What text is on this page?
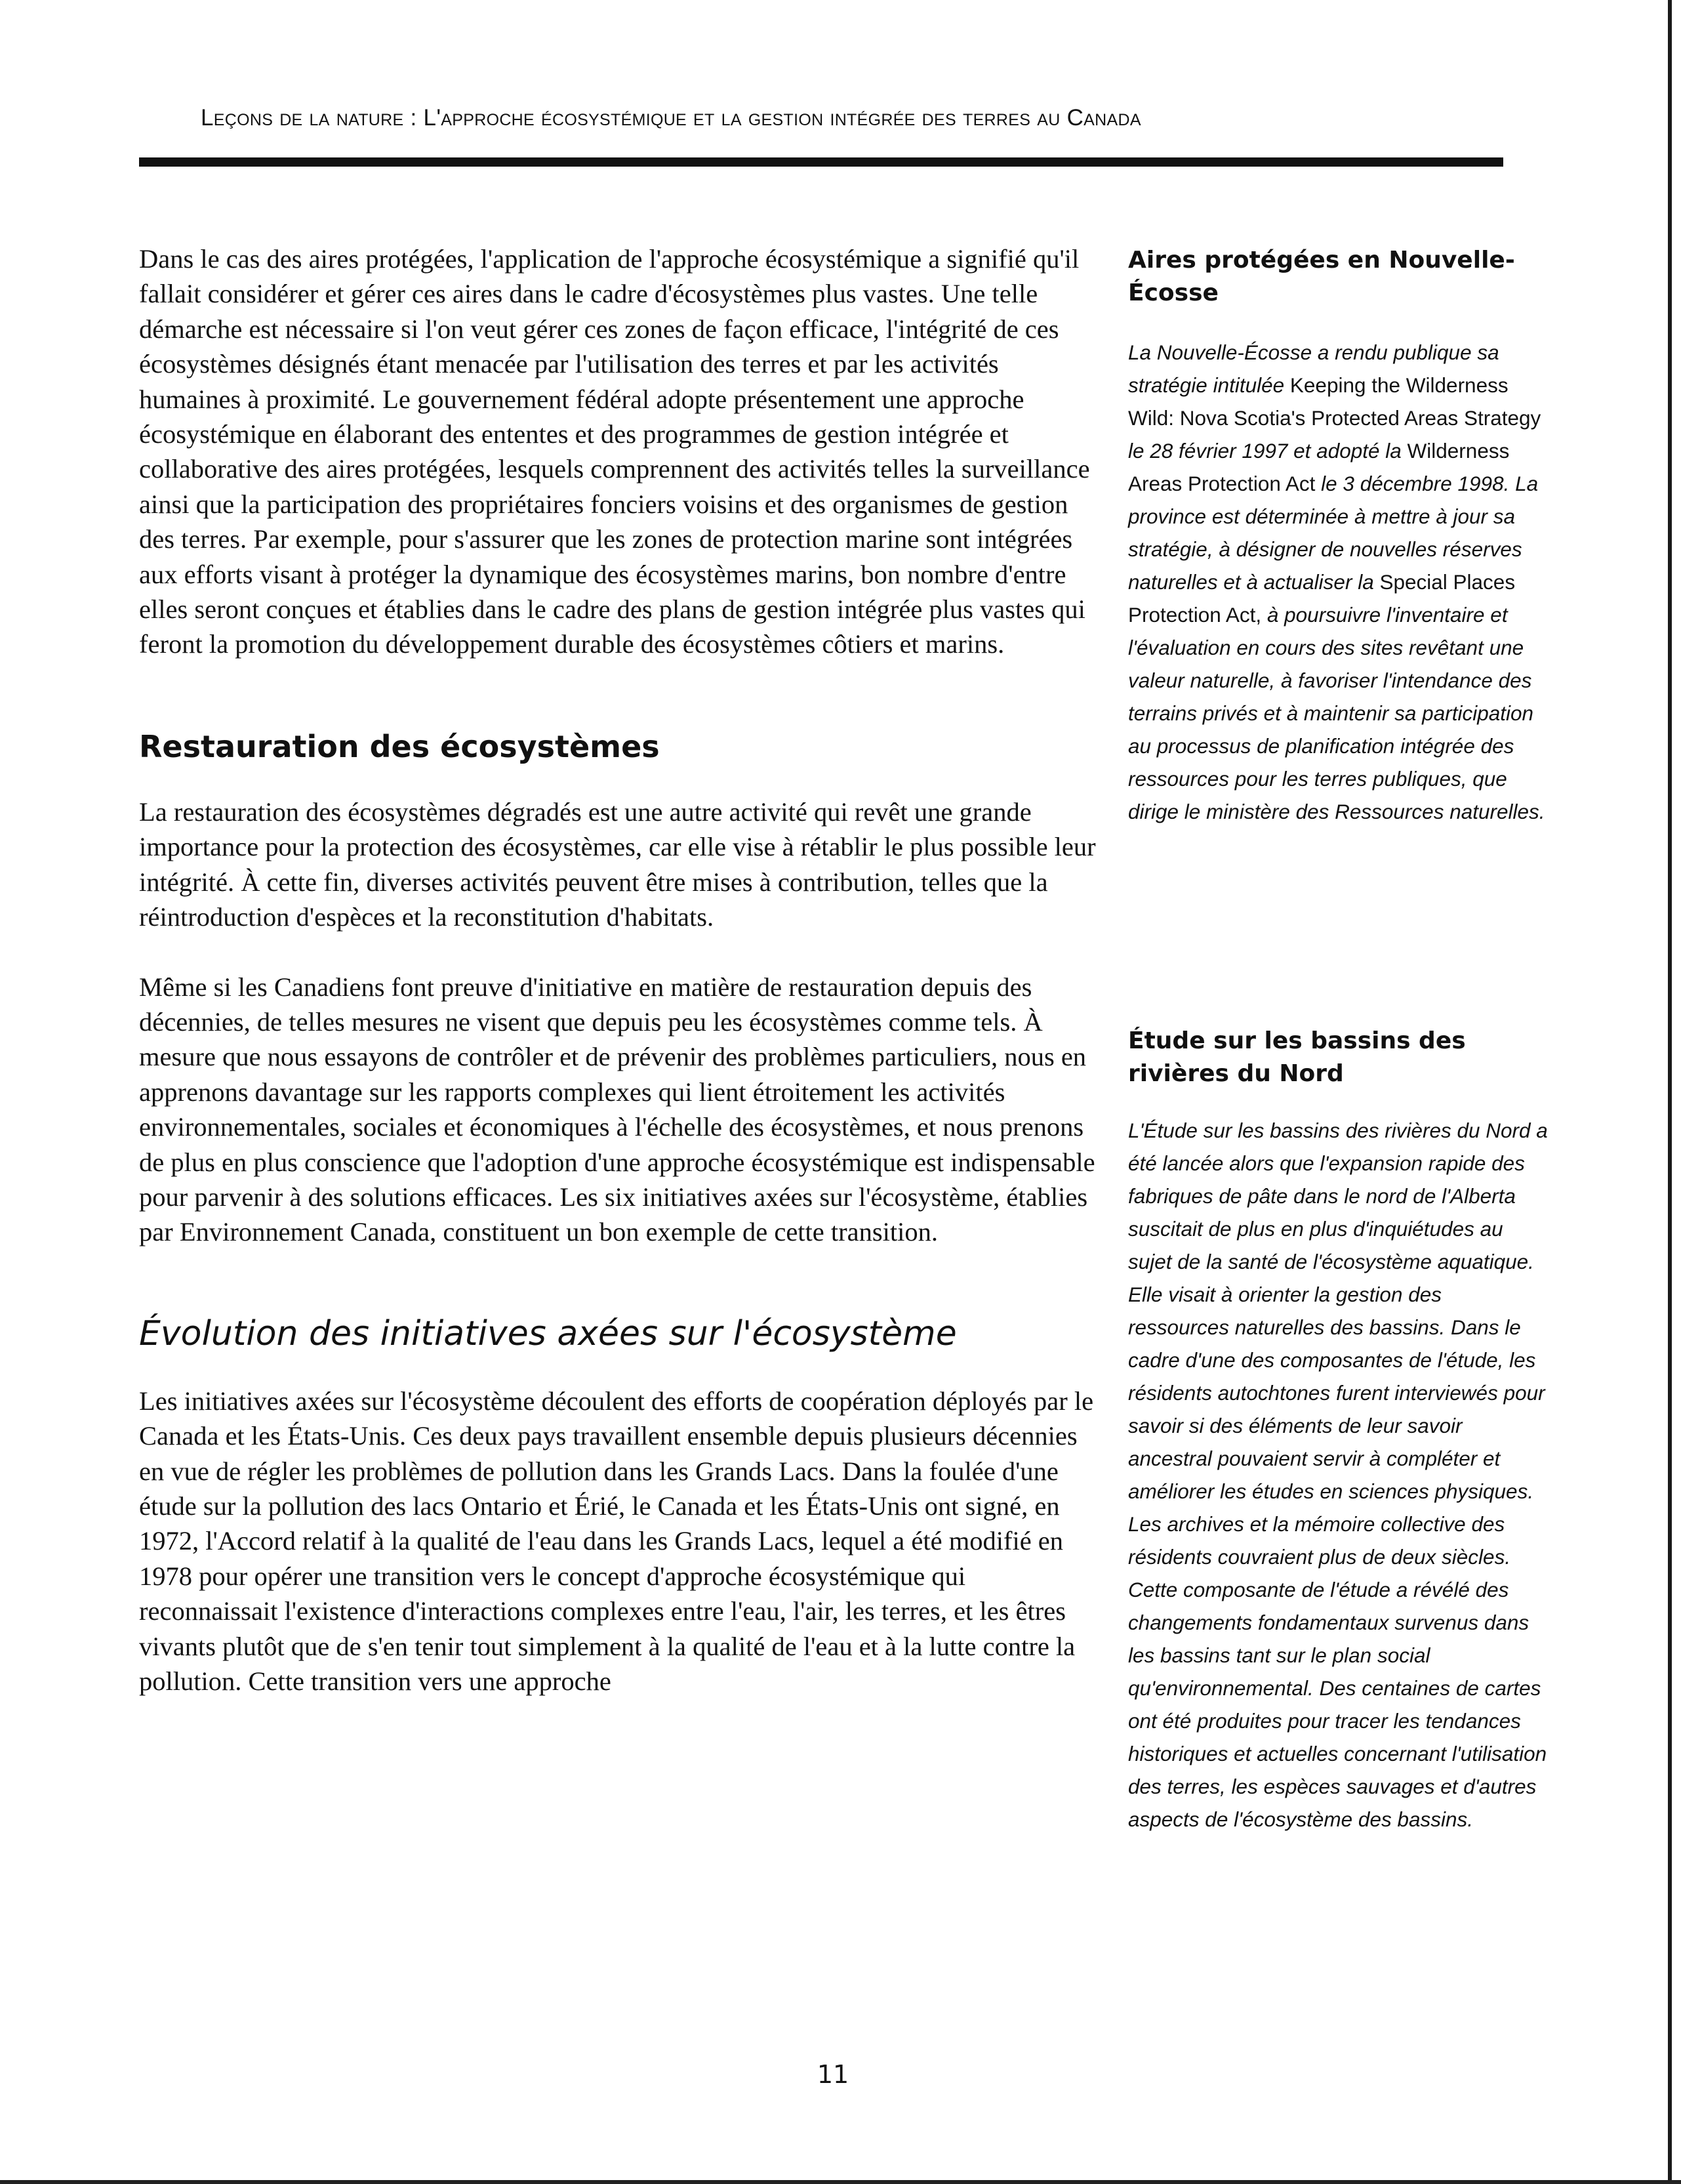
Leçons de la nature : L'approche écosystémique et la gestion intégrée des terres au Canada

Dans le cas des aires protégées, l'application de l'approche écosystémique a signifié qu'il fallait considérer et gérer ces aires dans le cadre d'écosystèmes plus vastes. Une telle démarche est nécessaire si l'on veut gérer ces zones de façon efficace, l'intégrité de ces écosystèmes désignés étant menacée par l'utilisation des terres et par les activités humaines à proximité. Le gouvernement fédéral adopte présentement une approche écosystémique en élaborant des ententes et des programmes de gestion intégrée et collaborative des aires protégées, lesquels comprennent des activités telles la surveillance ainsi que la participation des propriétaires fonciers voisins et des organismes de gestion des terres. Par exemple, pour s'assurer que les zones de protection marine sont intégrées aux efforts visant à protéger la dynamique des écosystèmes marins, bon nombre d'entre elles seront conçues et établies dans le cadre des plans de gestion intégrée plus vastes qui feront la promotion du développement durable des écosystèmes côtiers et marins.

Restauration des écosystèmes

La restauration des écosystèmes dégradés est une autre activité qui revêt une grande importance pour la protection des écosystèmes, car elle vise à rétablir le plus possible leur intégrité. À cette fin, diverses activités peuvent être mises à contribution, telles que la réintroduction d'espèces et la reconstitution d'habitats.

Même si les Canadiens font preuve d'initiative en matière de restauration depuis des décennies, de telles mesures ne visent que depuis peu les écosystèmes comme tels. À mesure que nous essayons de contrôler et de prévenir des problèmes particuliers, nous en apprenons davantage sur les rapports complexes qui lient étroitement les activités environnementales, sociales et économiques à l'échelle des écosystèmes, et nous prenons de plus en plus conscience que l'adoption d'une approche écosystémique est indispensable pour parvenir à des solutions efficaces. Les six initiatives axées sur l'écosystème, établies par Environnement Canada, constituent un bon exemple de cette transition.

Évolution des initiatives axées sur l'écosystème

Les initiatives axées sur l'écosystème découlent des efforts de coopération déployés par le Canada et les États-Unis. Ces deux pays travaillent ensemble depuis plusieurs décennies en vue de régler les problèmes de pollution dans les Grands Lacs. Dans la foulée d'une étude sur la pollution des lacs Ontario et Érié, le Canada et les États-Unis ont signé, en 1972, l'Accord relatif à la qualité de l'eau dans les Grands Lacs, lequel a été modifié en 1978 pour opérer une transition vers le concept d'approche écosystémique qui reconnaissait l'existence d'interactions complexes entre l'eau, l'air, les terres, et les êtres vivants plutôt que de s'en tenir tout simplement à la qualité de l'eau et à la lutte contre la pollution. Cette transition vers une approche

Aires protégées en Nouvelle-Écosse

La Nouvelle-Écosse a rendu publique sa stratégie intitulée Keeping the Wilderness Wild: Nova Scotia's Protected Areas Strategy le 28 février 1997 et adopté la Wilderness Areas Protection Act le 3 décembre 1998. La province est déterminée à mettre à jour sa stratégie, à désigner de nouvelles réserves naturelles et à actualiser la Special Places Protection Act, à poursuivre l'inventaire et l'évaluation en cours des sites revêtant une valeur naturelle, à favoriser l'intendance des terrains privés et à maintenir sa participation au processus de planification intégrée des ressources pour les terres publiques, que dirige le ministère des Ressources naturelles.

Étude sur les bassins des rivières du Nord

L'Étude sur les bassins des rivières du Nord a été lancée alors que l'expansion rapide des fabriques de pâte dans le nord de l'Alberta suscitait de plus en plus d'inquiétudes au sujet de la santé de l'écosystème aquatique. Elle visait à orienter la gestion des ressources naturelles des bassins. Dans le cadre d'une des composantes de l'étude, les résidents autochtones furent interviewés pour savoir si des éléments de leur savoir ancestral pouvaient servir à compléter et améliorer les études en sciences physiques. Les archives et la mémoire collective des résidents couvraient plus de deux siècles. Cette composante de l'étude a révélé des changements fondamentaux survenus dans les bassins tant sur le plan social qu'environnemental. Des centaines de cartes ont été produites pour tracer les tendances historiques et actuelles concernant l'utilisation des terres, les espèces sauvages et d'autres aspects de l'écosystème des bassins.

11
